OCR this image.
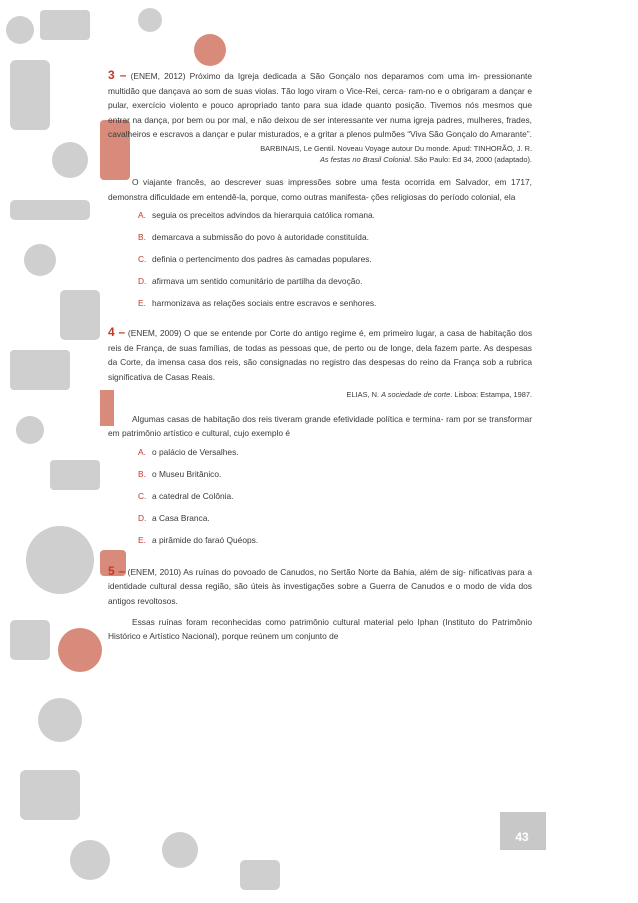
3 – (ENEM, 2012) Próximo da Igreja dedicada a São Gonçalo nos deparamos com uma im- pressionante multidão que dançava ao som de suas violas. Tão logo viram o Vice-Rei, cerca- ram-no e o obrigaram a dançar e pular, exercício violento e pouco apropriado tanto para sua idade quanto posição. Tivemos nós mesmos que entrar na dança, por bem ou por mal, e não deixou de ser interessante ver numa igreja padres, mulheres, frades, cavalheiros e escravos a dançar e pular misturados, e a gritar a plenos pulmões “Viva São Gonçalo do Amarante”.

BARBINAIS, Le Gentil. Noveau Voyage autour Du monde. Apud: TINHORÃO, J. R.
As festas no Brasil Colonial. São Paulo: Ed 34, 2000 (adaptado).

O viajante francês, ao descrever suas impressões sobre uma festa ocorrida em Salvador, em 1717, demonstra dificuldade em entendê-la, porque, como outras manifesta- ções religiosas do período colonial, ela

A. seguia os preceitos advindos da hierarquia católica romana.
B. demarcava a submissão do povo à autoridade constituída.
C. definia o pertencimento dos padres às camadas populares.
D. afirmava um sentido comunitário de partilha da devoção.
E. harmonizava as relações sociais entre escravos e senhores.

4 – (ENEM, 2009) O que se entende por Corte do antigo regime é, em primeiro lugar, a casa de habitação dos reis de França, de suas famílias, de todas as pessoas que, de perto ou de longe, dela fazem parte. As despesas da Corte, da imensa casa dos reis, são consignadas no registro das despesas do reino da França sob a rubrica significativa de Casas Reais.

ELIAS, N. A sociedade de corte. Lisboa: Estampa, 1987.

Algumas casas de habitação dos reis tiveram grande efetividade política e termina- ram por se transformar em patrimônio artístico e cultural, cujo exemplo é

A. o palácio de Versalhes.
B. o Museu Britânico.
C. a catedral de Colônia.
D. a Casa Branca.
E. a pirâmide do faraó Quéops.

5 – (ENEM, 2010) As ruínas do povoado de Canudos, no Sertão Norte da Bahia, além de sig- nificativas para a identidade cultural dessa região, são úteis às investigações sobre a Guerra de Canudos e o modo de vida dos antigos revoltosos.

Essas ruínas foram reconhecidas como patrimônio cultural material pelo Iphan (Instituto do Patrimônio Histórico e Artístico Nacional), porque reúnem um conjunto de

43
